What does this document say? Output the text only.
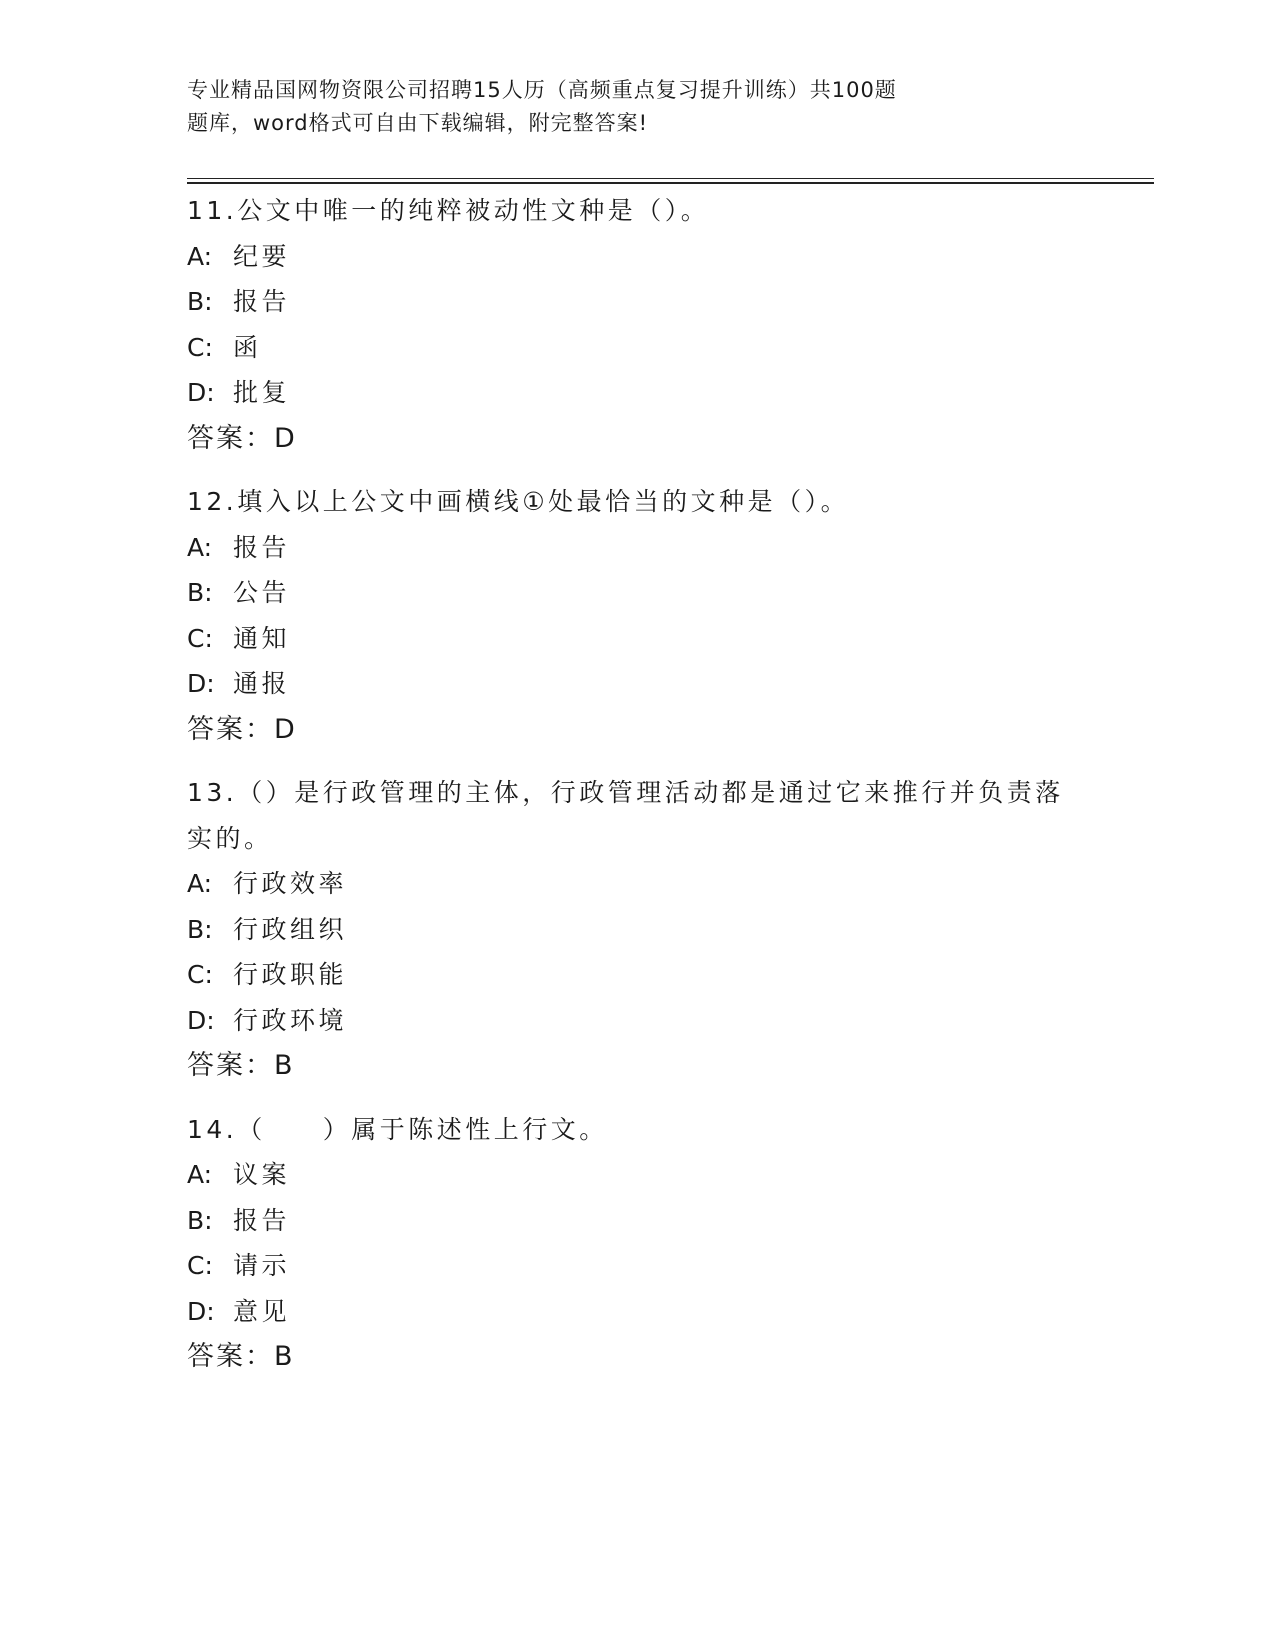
专业精品国网物资限公司招聘15人历（高频重点复习提升训练）共100题
题库，word格式可自由下载编辑，附完整答案!
11.公文中唯一的纯粹被动性文种是（）。
A: 纪要
B: 报告
C: 函
D: 批复
答案：D
12.填入以上公文中画横线①处最恰当的文种是（）。
A: 报告
B: 公告
C: 通知
D: 通报
答案：D
13.（）是行政管理的主体，行政管理活动都是通过它来推行并负责落
实的。
A: 行政效率
B: 行政组织
C: 行政职能
D: 行政环境
答案：B
14.（　　）属于陈述性上行文。
A: 议案
B: 报告
C: 请示
D: 意见
答案：B
